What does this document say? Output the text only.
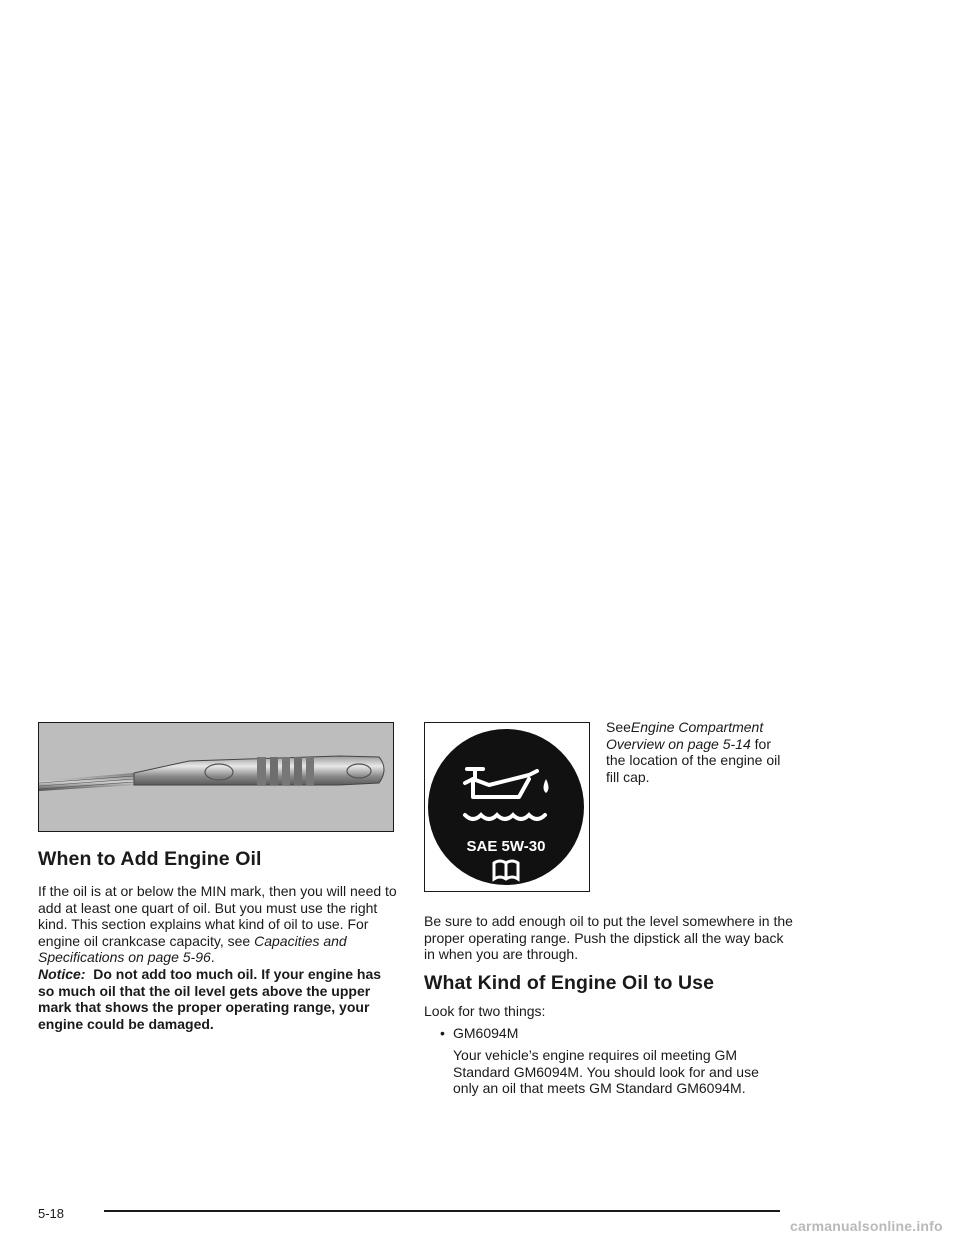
SAE 5W-30
When to Add Engine Oil

If the oil is at or below the MIN mark, then you will need to add at least one quart of oil. But you must use the right kind. This section explains what kind of oil to use. For engine oil crankcase capacity, see Capacities and Specifications on page 5-96.

Notice: Do not add too much oil. If your engine has so much oil that the oil level gets above the upper mark that shows the proper operating range, your engine could be damaged.

SeeEngine Compartment Overview on page 5-14 for the location of the engine oil fill cap.

Be sure to add enough oil to put the level somewhere in the proper operating range. Push the dipstick all the way back in when you are through.

What Kind of Engine Oil to Use

Look for two things:

• GM6094M

Your vehicle’s engine requires oil meeting GM Standard GM6094M. You should look for and use only an oil that meets GM Standard GM6094M.

5-18
carmanualsonline.info
